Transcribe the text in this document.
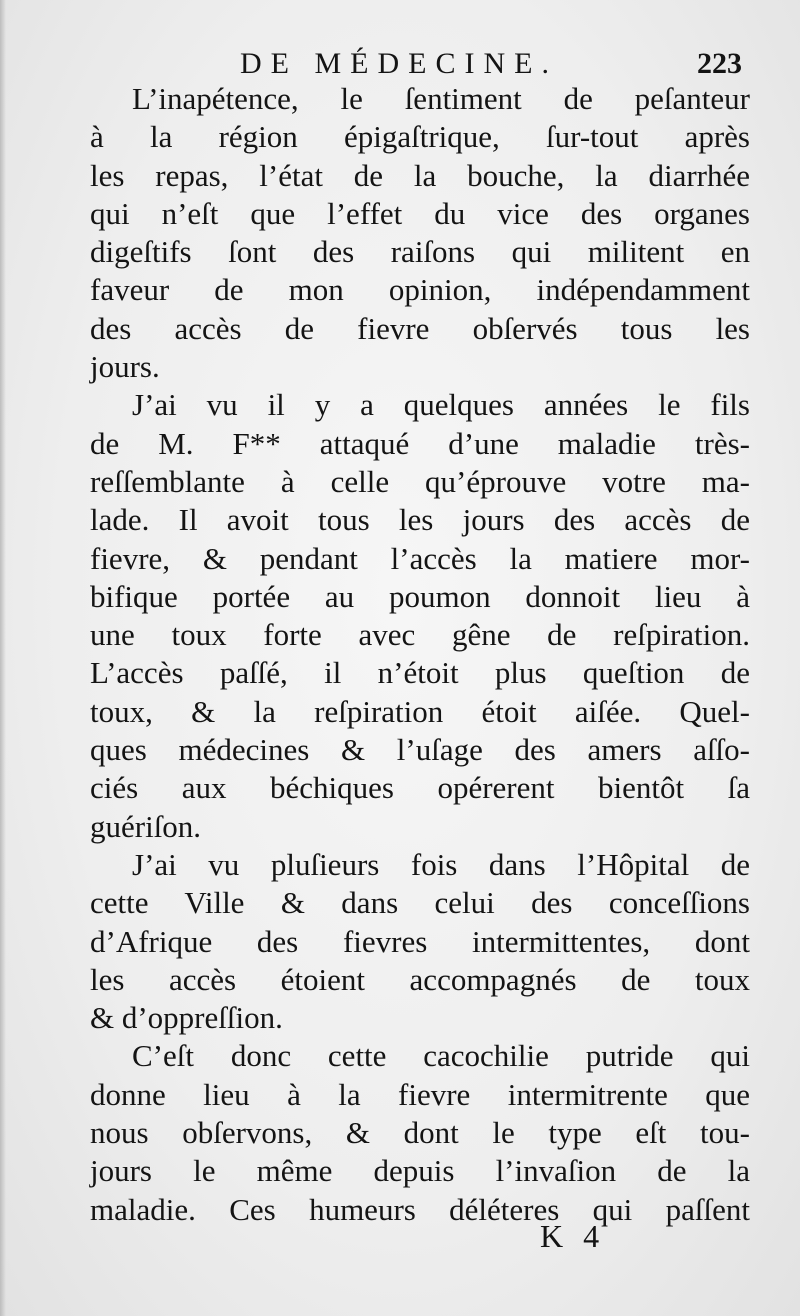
DE MÉDECINE.	223
L’inapétence, le ſentiment de peſanteur
à la région épigaſtrique, ſur-tout après
les repas, l’état de la bouche, la diarrhée
qui n’eſt que l’effet du vice des organes
digeſtifs ſont des raiſons qui militent en
faveur de mon opinion, indépendamment
des accès de fievre obſervés tous les
jours.
J’ai vu il y a quelques années le fils
de M. F** attaqué d’une maladie très-
reſſemblante à celle qu’éprouve votre ma-
lade. Il avoit tous les jours des accès de
fievre, & pendant l’accès la matiere mor-
bifique portée au poumon donnoit lieu à
une toux forte avec gêne de reſpiration.
L’accès paſſé, il n’étoit plus queſtion de
toux, & la reſpiration étoit aiſée. Quel-
ques médecines & l’uſage des amers aſſo-
ciés aux béchiques opérerent bientôt ſa
guériſon.
J’ai vu pluſieurs fois dans l’Hôpital de
cette Ville & dans celui des conceſſions
d’Afrique des fievres intermittentes, dont
les accès étoient accompagnés de toux
& d’oppreſſion.
C’eſt donc cette cacochilie putride qui
donne lieu à la fievre intermitrente que
nous obſervons, & dont le type eſt tou-
jours le même depuis l’invaſion de la
maladie. Ces humeurs déléteres qui paſſent
K 4
